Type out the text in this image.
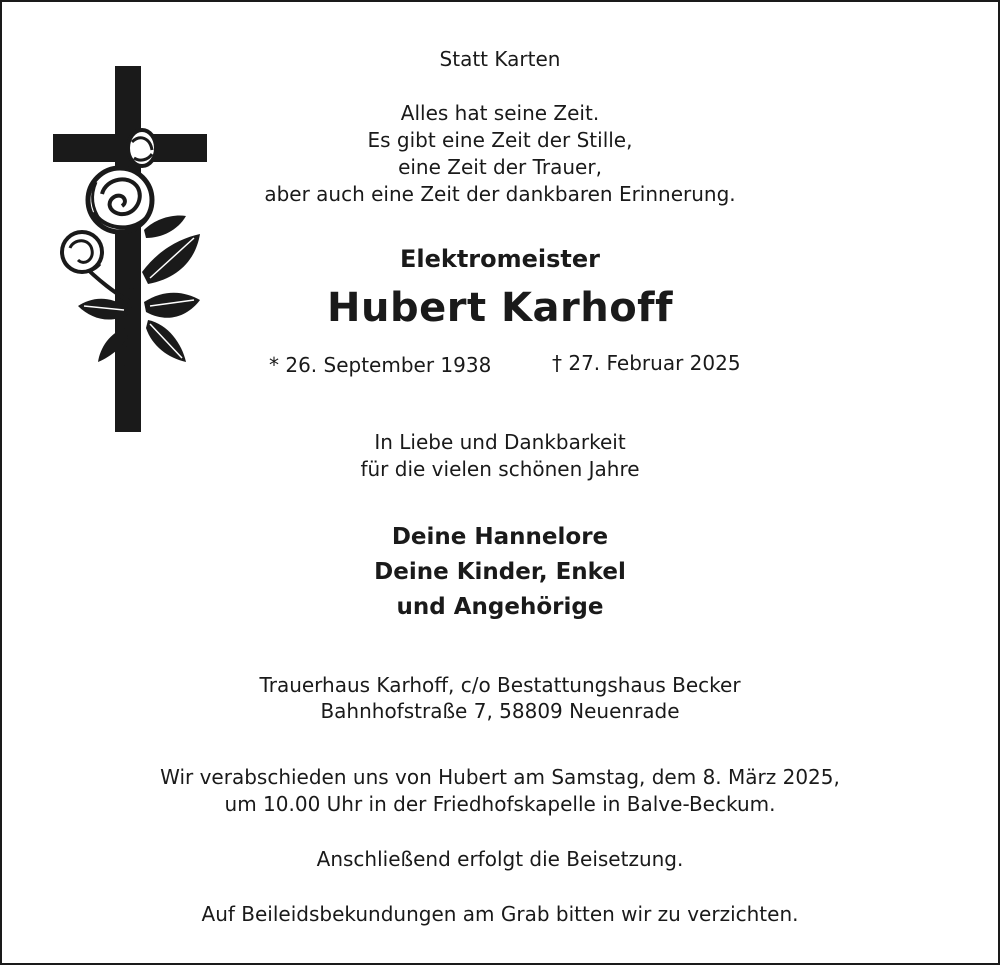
Statt Karten
Alles hat seine Zeit.
Es gibt eine Zeit der Stille,
eine Zeit der Trauer,
aber auch eine Zeit der dankbaren Erinnerung.
Elektromeister
Hubert Karhoff
* 26. September 1938	† 27. Februar 2025
In Liebe und Dankbarkeit
für die vielen schönen Jahre
Deine Hannelore
Deine Kinder, Enkel
und Angehörige
Trauerhaus Karhoff, c/o Bestattungshaus Becker
Bahnhofstraße 7, 58809 Neuenrade
Wir verabschieden uns von Hubert am Samstag, dem 8. März 2025,
um 10.00 Uhr in der Friedhofskapelle in Balve-Beckum.
Anschließend erfolgt die Beisetzung.
Auf Beileidsbekundungen am Grab bitten wir zu verzichten.
